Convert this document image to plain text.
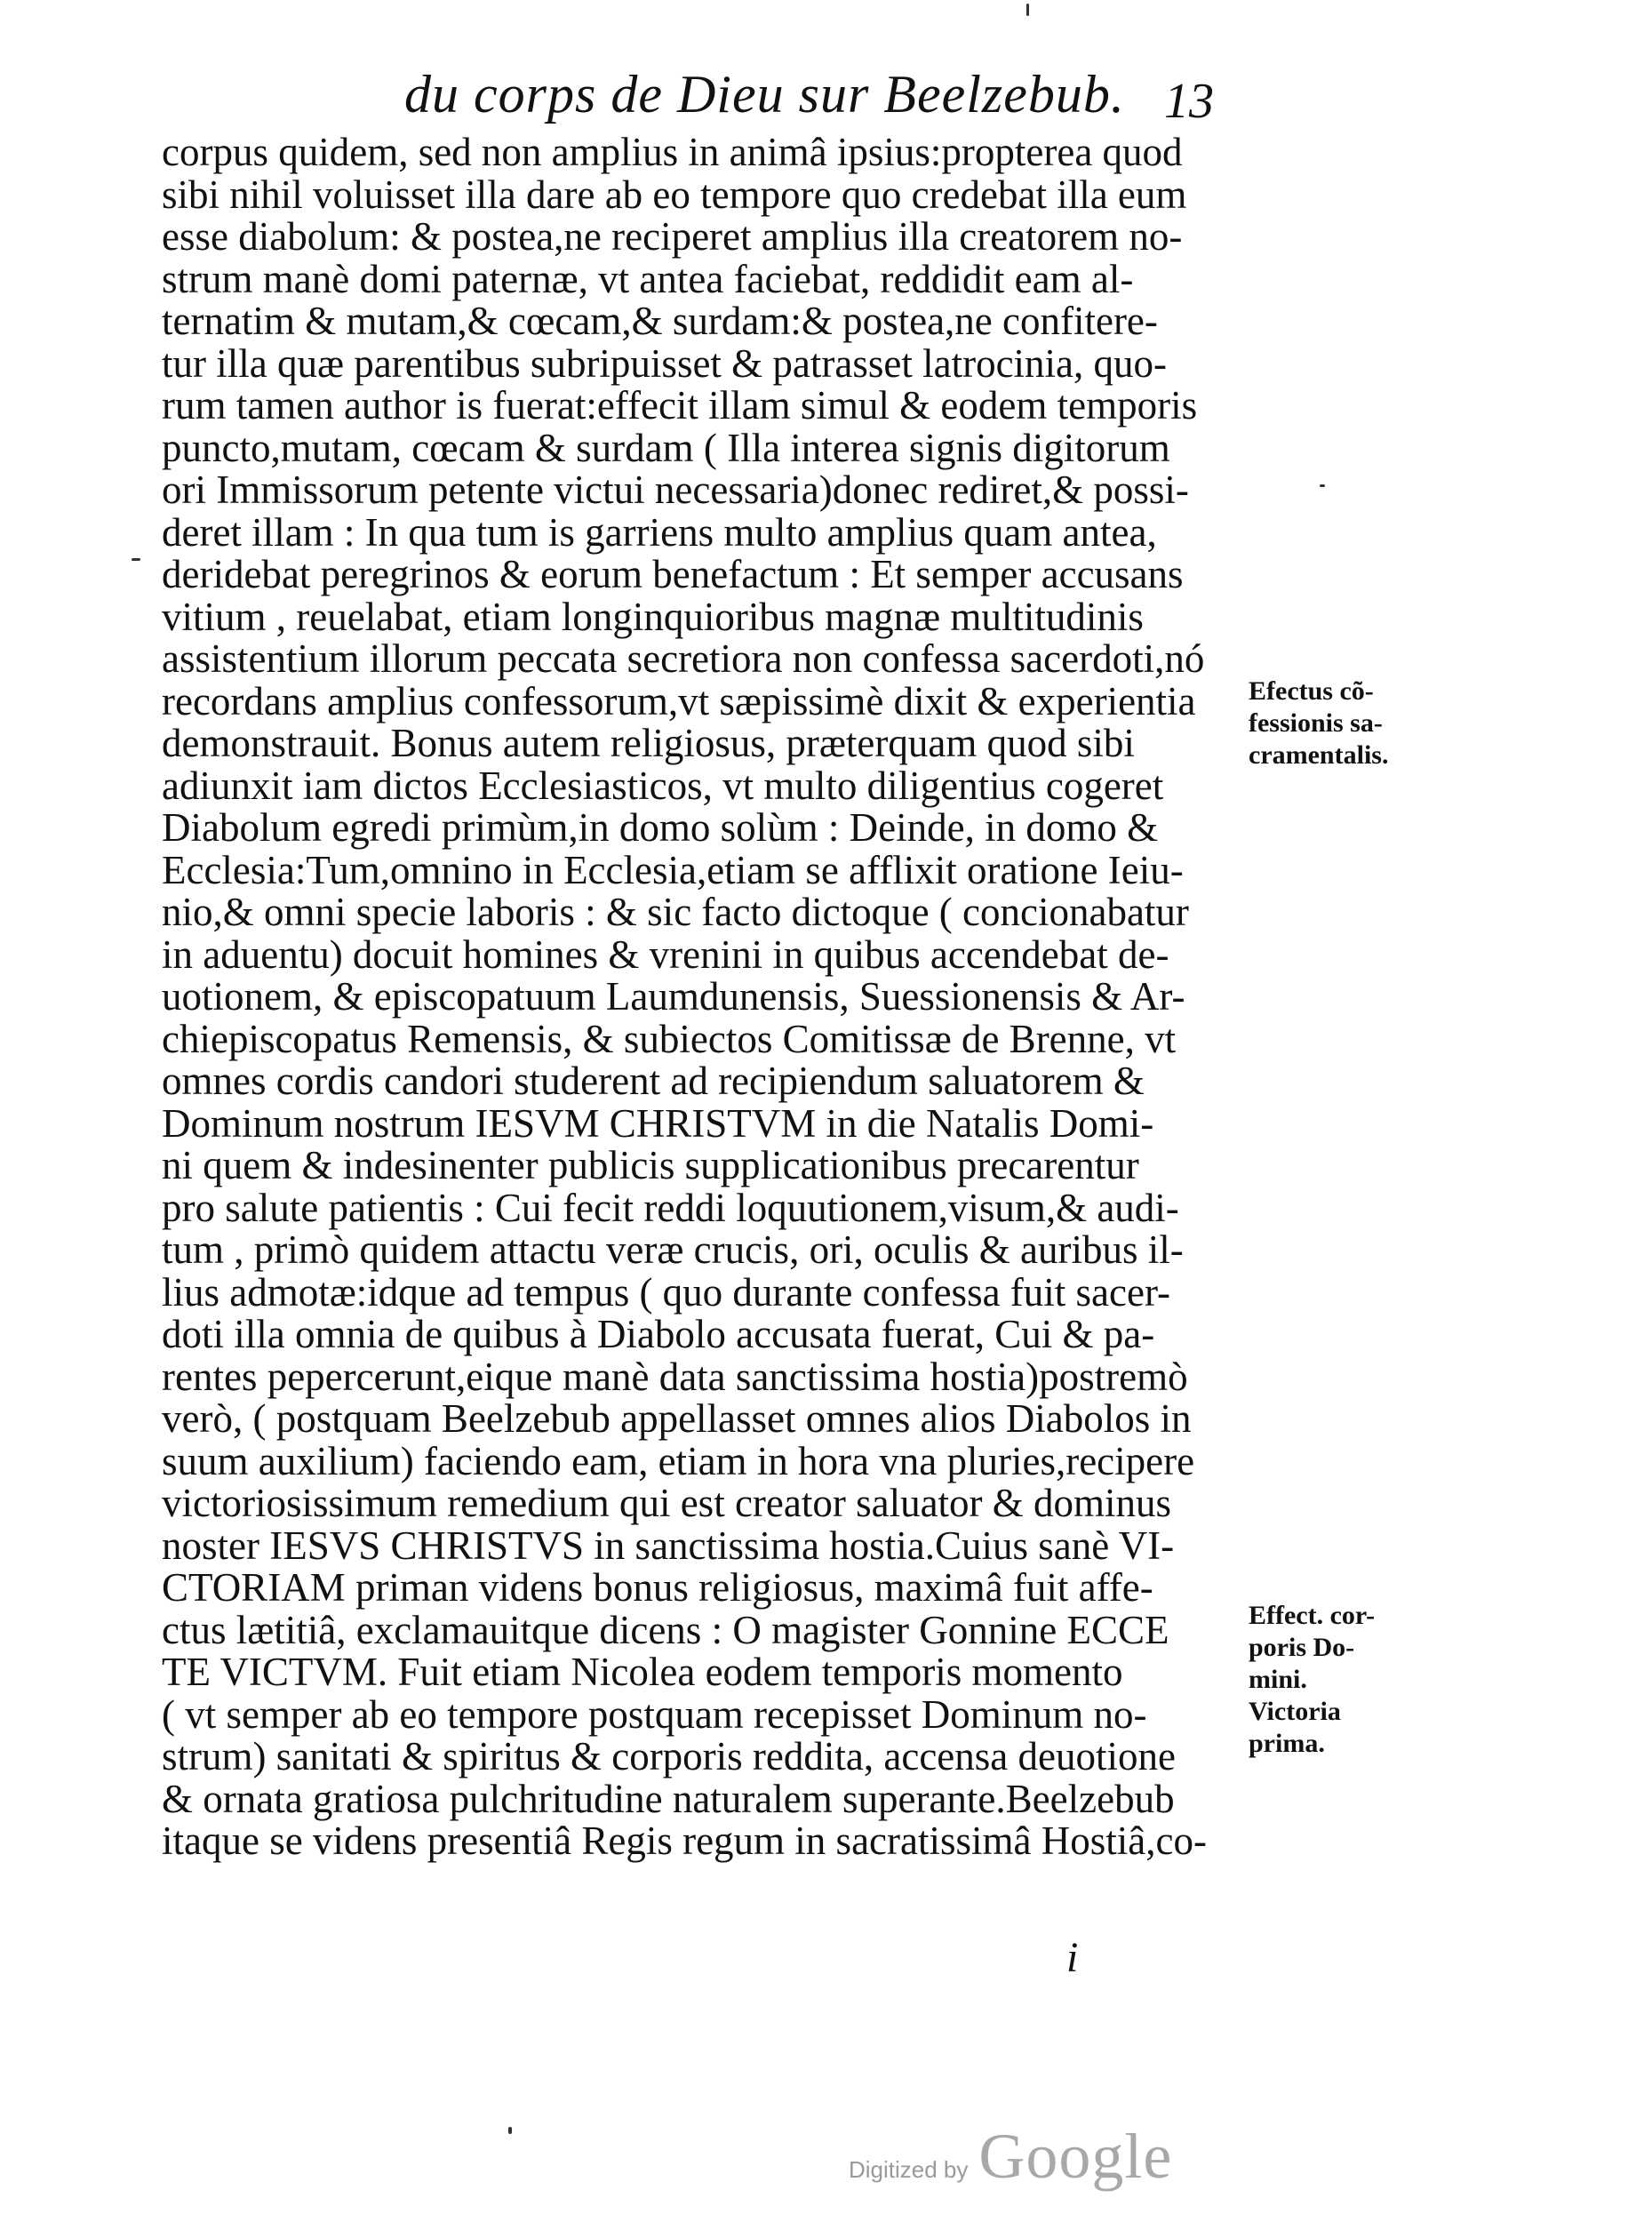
du corps de Dieu sur Beelzebub. 13
corpus quidem, sed non amplius in animâ ipsius:propterea quod
sibi nihil voluisset illa dare ab eo tempore quo credebat illa eum
esse diabolum: & postea,ne reciperet amplius illa creatorem no-
strum manè domi paternæ, vt antea faciebat, reddidit eam al-
ternatim & mutam,& cœcam,& surdam:& postea,ne confitere-
tur illa quæ parentibus subripuisset & patrasset latrocinia, quo-
rum tamen author is fuerat:effecit illam simul & eodem temporis
puncto,mutam, cœcam & surdam ( Illa interea signis digitorum
ori Immissorum petente victui necessaria)donec rediret,& possi-
deret illam : In qua tum is garriens multo amplius quam antea,
deridebat peregrinos & eorum benefactum : Et semper accusans
vitium , reuelabat, etiam longinquioribus magnæ multitudinis
assistentium illorum peccata secretiora non confessa sacerdoti,nó
recordans amplius confessorum,vt sæpissimè dixit & experientia
demonstrauit. Bonus autem religiosus, præterquam quod sibi
adiunxit iam dictos Ecclesiasticos, vt multo diligentius cogeret
Diabolum egredi primùm,in domo solùm : Deinde, in domo &
Ecclesia:Tum,omnino in Ecclesia,etiam se afflixit oratione Ieiu-
nio,& omni specie laboris : & sic facto dictoque ( concionabatur
in aduentu) docuit homines & vrenini in quibus accendebat de-
uotionem, & episcopatuum Laumdunensis, Suessionensis & Ar-
chiepiscopatus Remensis, & subiectos Comitissæ de Brenne, vt
omnes cordis candori studerent ad recipiendum saluatorem &
Dominum nostrum IESVM CHRISTVM in die Natalis Domi-
ni quem & indesinenter publicis supplicationibus precarentur
pro salute patientis : Cui fecit reddi loquutionem,visum,& audi-
tum , primò quidem attactu veræ crucis, ori, oculis & auribus il-
lius admotæ:idque ad tempus ( quo durante confessa fuit sacer-
doti illa omnia de quibus à Diabolo accusata fuerat, Cui & pa-
rentes pepercerunt,eique manè data sanctissima hostia)postremò
verò, ( postquam Beelzebub appellasset omnes alios Diabolos in
suum auxilium) faciendo eam, etiam in hora vna pluries,recipere
victoriosissimum remedium qui est creator saluator & dominus
noster IESVS CHRISTVS in sanctissima hostia.Cuius sanè VI-
CTORIAM priman videns bonus religiosus, maximâ fuit affe-
ctus lætitiâ, exclamauitque dicens : O magister Gonnine ECCE
TE VICTVM. Fuit etiam Nicolea eodem temporis momento
( vt semper ab eo tempore postquam recepisset Dominum no-
strum) sanitati & spiritus & corporis reddita, accensa deuotione
& ornata gratiosa pulchritudine naturalem superante.Beelzebub
itaque se videns presentiâ Regis regum in sacratissimâ Hostiâ,co-
Efectus cõ-
fessionis sa-
cramentalis.
Effect. cor-
poris Do-
mini.
Victoria
prima.
i
Digitized by Google
